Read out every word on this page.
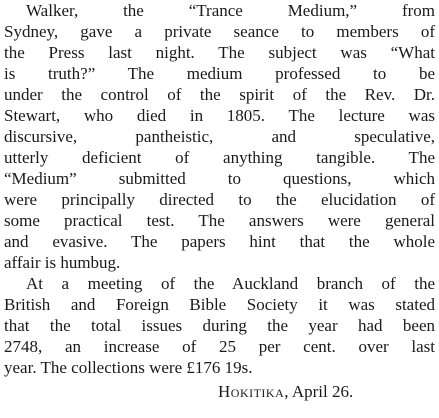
Walker, the “Trance Medium,” from
Sydney, gave a private seance to members of
the Press last night. The subject was “What
is truth?” The medium professed to be
under the control of the spirit of the Rev. Dr.
Stewart, who died in 1805. The lecture was
discursive, pantheistic, and speculative,
utterly deficient of anything tangible. The
“Medium” submitted to questions, which
were principally directed to the elucidation of
some practical test. The answers were general
and evasive. The papers hint that the whole
affair is humbug.
At a meeting of the Auckland branch of the
British and Foreign Bible Society it was stated
that the total issues during the year had been
2748, an increase of 25 per cent. over last
year. The collections were £176 19s.
Hokitika, April 26.
